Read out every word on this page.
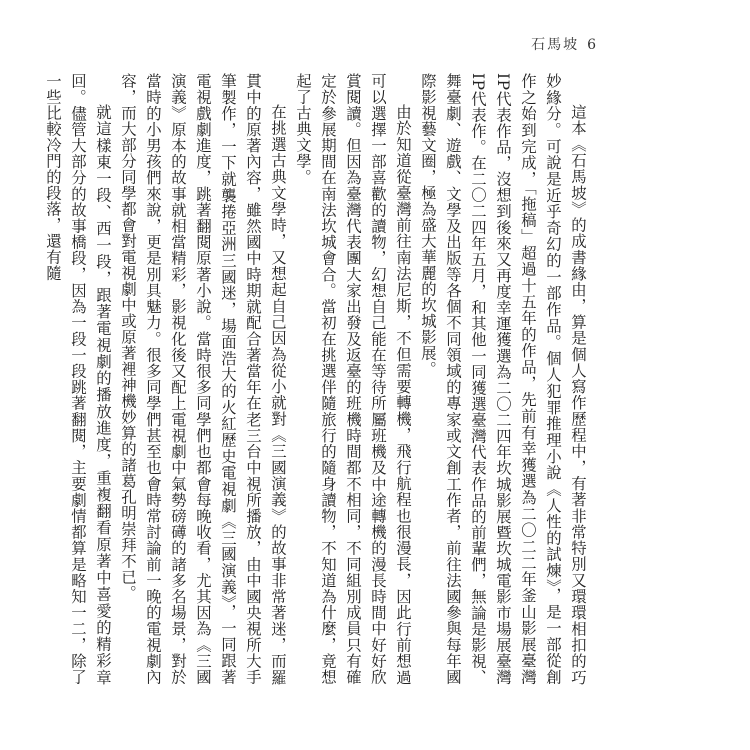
石馬坡 6

這本《石馬坡》的成書緣由，算是個人寫作歷程中，有著非常特別又環環相扣的巧妙緣分。可說是近乎奇幻的一部作品。個人犯罪推理小說《人性的試煉》，是一部從創作之始到完成，「拖稿」超過十五年的作品，先前有幸獲選為二〇二二年釜山影展臺灣IP代表作品，沒想到後來又再度幸運獲選為二〇二四年坎城影展暨坎城電影市場展臺灣IP代表作。在二〇二四年五月，和其他一同獲選臺灣代表作品的前輩們，無論是影視、舞臺劇、遊戲、文學及出版等各個不同領域的專家或文創工作者，前往法國參與每年國際影視藝文圈，極為盛大華麗的坎城影展。

由於知道從臺灣前往南法尼斯，不但需要轉機，飛行航程也很漫長，因此行前想過可以選擇一部喜歡的讀物，幻想自己能在等待所屬班機及中途轉機的漫長時間中好好欣賞閱讀。但因為臺灣代表團大家出發及返臺的班機時間都不相同，不同組別成員只有確定於參展期間在南法坎城會合。當初在挑選伴隨旅行的隨身讀物，不知道為什麼，竟想起了古典文學。

在挑選古典文學時，又想起自己因為從小就對《三國演義》的故事非常著迷，而羅貫中的原著內容，雖然國中時期就配合著當年在老三台中視所播放，由中國央視所大手筆製作，一下就襲捲亞洲三國迷，場面浩大的火紅歷史電視劇《三國演義》，一同跟著電視戲劇進度，跳著翻閱原著小說。當時很多同學們也都會每晚收看，尤其因為《三國演義》原本的故事就相當精彩，影視化後又配上電視劇中氣勢磅礡的諸多名場景，對於當時的小男孩們來說，更是別具魅力。很多同學們甚至也會時常討論前一晚的電視劇內容，而大部分同學都會對電視劇中或原著裡神機妙算的諸葛孔明崇拜不已。

就這樣東一段、西一段，跟著電視劇的播放進度，重複翻看原著中喜愛的精彩章回。儘管大部分的故事橋段，因為一段一段跳著翻閱，主要劇情都算是略知一二，除了一些比較冷門的段落，還有隨
